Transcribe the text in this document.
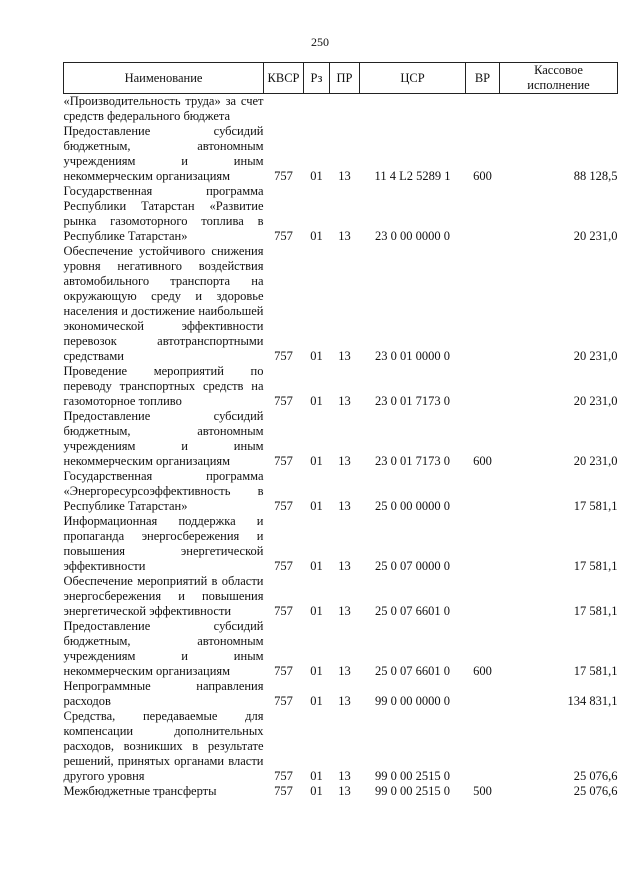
250
Наименование	КВСР	Рз	ПР	ЦСР	ВР	Кассовое исполнение
«Производительность труда» за счет средств федерального бюджета						
Предоставление субсидий бюджетным, автономным учреждениям и иным некоммерческим организациям	757	01	13	11 4 L2 5289 1	600	88 128,5
Государственная программа Республики Татарстан «Развитие рынка газомоторного топлива в Республике Татарстан»	757	01	13	23 0 00 0000 0		20 231,0
Обеспечение устойчивого снижения уровня негативного воздействия автомобильного транспорта на окружающую среду и здоровье населения и достижение наибольшей экономической эффективности перевозок автотранспортными средствами	757	01	13	23 0 01 0000 0		20 231,0
Проведение мероприятий по переводу транспортных средств на газомоторное топливо	757	01	13	23 0 01 7173 0		20 231,0
Предоставление субсидий бюджетным, автономным учреждениям и иным некоммерческим организациям	757	01	13	23 0 01 7173 0	600	20 231,0
Государственная программа «Энергоресурсоэффективность в Республике Татарстан»	757	01	13	25 0 00 0000 0		17 581,1
Информационная поддержка и пропаганда энергосбережения и повышения энергетической эффективности	757	01	13	25 0 07 0000 0		17 581,1
Обеспечение мероприятий в области энергосбережения и повышения энергетической эффективности	757	01	13	25 0 07 6601 0		17 581,1
Предоставление субсидий бюджетным, автономным учреждениям и иным некоммерческим организациям	757	01	13	25 0 07 6601 0	600	17 581,1
Непрограммные направления расходов	757	01	13	99 0 00 0000 0		134 831,1
Средства, передаваемые для компенсации дополнительных расходов, возникших в результате решений, принятых органами власти другого уровня	757	01	13	99 0 00 2515 0		25 076,6
Межбюджетные трансферты	757	01	13	99 0 00 2515 0	500	25 076,6
